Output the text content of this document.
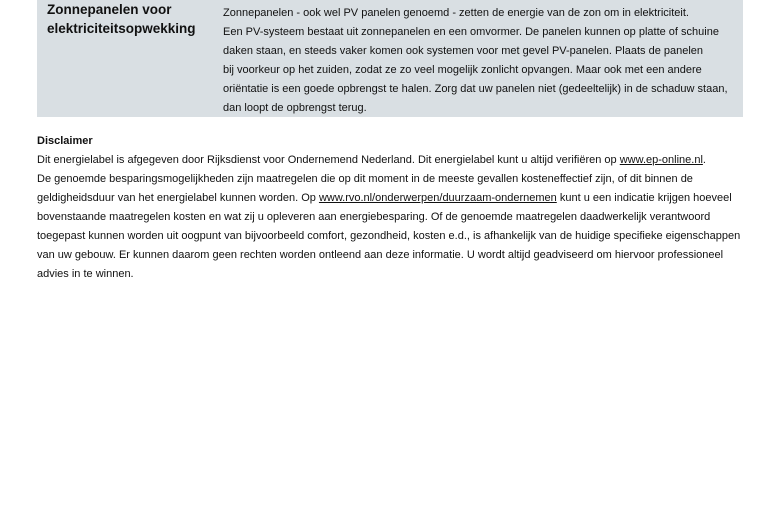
Zonnepanelen voor
elektriciteitsopwekking
Zonnepanelen - ook wel PV panelen genoemd - zetten de energie van de zon om in elektriciteit.
Een PV-systeem bestaat uit zonnepanelen en een omvormer. De panelen kunnen op platte of schuine
daken staan, en steeds vaker komen ook systemen voor met gevel PV-panelen. Plaats de panelen
bij voorkeur op het zuiden, zodat ze zo veel mogelijk zonlicht opvangen. Maar ook met een andere
oriëntatie is een goede opbrengst te halen. Zorg dat uw panelen niet (gedeeltelijk) in de schaduw staan,
dan loopt de opbrengst terug.
Disclaimer
Dit energielabel is afgegeven door Rijksdienst voor Ondernemend Nederland. Dit energielabel kunt u altijd verifiëren op www.ep-online.nl.
De genoemde besparingsmogelijkheden zijn maatregelen die op dit moment in de meeste gevallen kosteneffectief zijn, of dit binnen de
geldigheidsduur van het energielabel kunnen worden. Op www.rvo.nl/onderwerpen/duurzaam-ondernemen kunt u een indicatie krijgen hoeveel
bovenstaande maatregelen kosten en wat zij u opleveren aan energiebesparing. Of de genoemde maatregelen daadwerkelijk verantwoord
toegepast kunnen worden uit oogpunt van bijvoorbeeld comfort, gezondheid, kosten e.d., is afhankelijk van de huidige specifieke eigenschappen
van uw gebouw. Er kunnen daarom geen rechten worden ontleend aan deze informatie. U wordt altijd geadviseerd om hiervoor professioneel
advies in te winnen.
